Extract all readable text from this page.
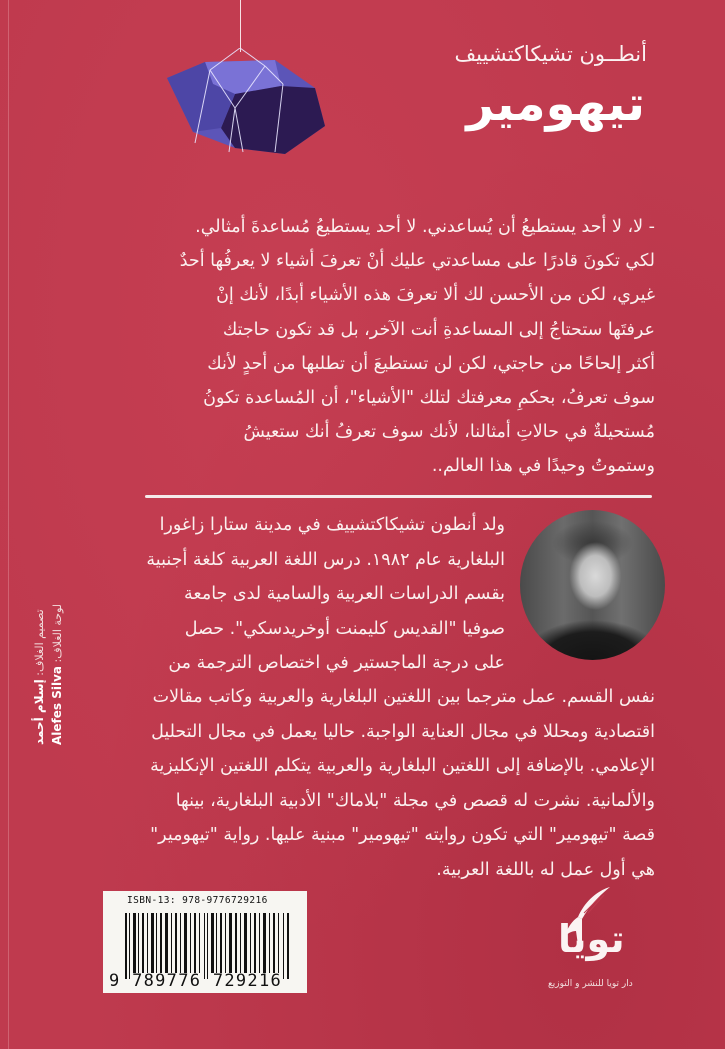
أنطــون تشيكاكتشييف
تيهومير

- لا، لا أحد يستطيعُ أن يُساعدني. لا أحد يستطيعُ مُساعدةَ أمثالي.

لكي تكونَ قادرًا على مساعدتي عليك أنْ تعرفَ أشياء لا يعرفُها أحدٌ

غيري، لكن من الأحسن لك ألا تعرفَ هذه الأشياء أبدًا، لأنك إنْ

عرفتَها ستحتاجُ إلى المساعدةِ أنت الآخر، بل قد تكون حاجتك

أكثر إلحاحًا من حاجتي، لكن لن تستطيعَ أن تطلبها من أحدٍ لأنك

سوف تعرفُ، بحكمِ معرفتك لتلك "الأشياء"، أن المُساعدة تكونُ

مُستحيلةٌ في حالاتِ أمثالنا، لأنك سوف تعرفُ أنك ستعيشُ

وستموتُ وحيدًا في هذا العالم..

ولد أنطون تشيكاكتشييف في مدينة ستارا زاغورا

البلغارية عام ١٩٨٢. درس اللغة العربية كلغة أجنبية

بقسم الدراسات العربية والسامية لدى جامعة

صوفيا "القديس كليمنت أوخريدسكي". حصل

على درجة الماجستير في اختصاص الترجمة من

نفس القسم. عمل مترجما بين اللغتين البلغارية والعربية وكاتب مقالات

اقتصادية ومحللا في مجال العناية الواجبة. حاليا يعمل في مجال التحليل

الإعلامي. بالإضافة إلى اللغتين البلغارية والعربية يتكلم اللغتين الإنكليزية

والألمانية. نشرت له قصص في مجلة "بلاماك" الأدبية البلغارية، بينها

قصة "تيهومير" التي تكون روايته "تيهومير" مبنية عليها. رواية "تيهومير"

هي أول عمل له باللغة العربية.

تصميم الغلاف: إسلام أحمد
لوحة الغلاف: Alefes Silva
ISBN-13: 978-9776729216
9 789776 729216
تويا
دار تويا للنشر و التوزيع
